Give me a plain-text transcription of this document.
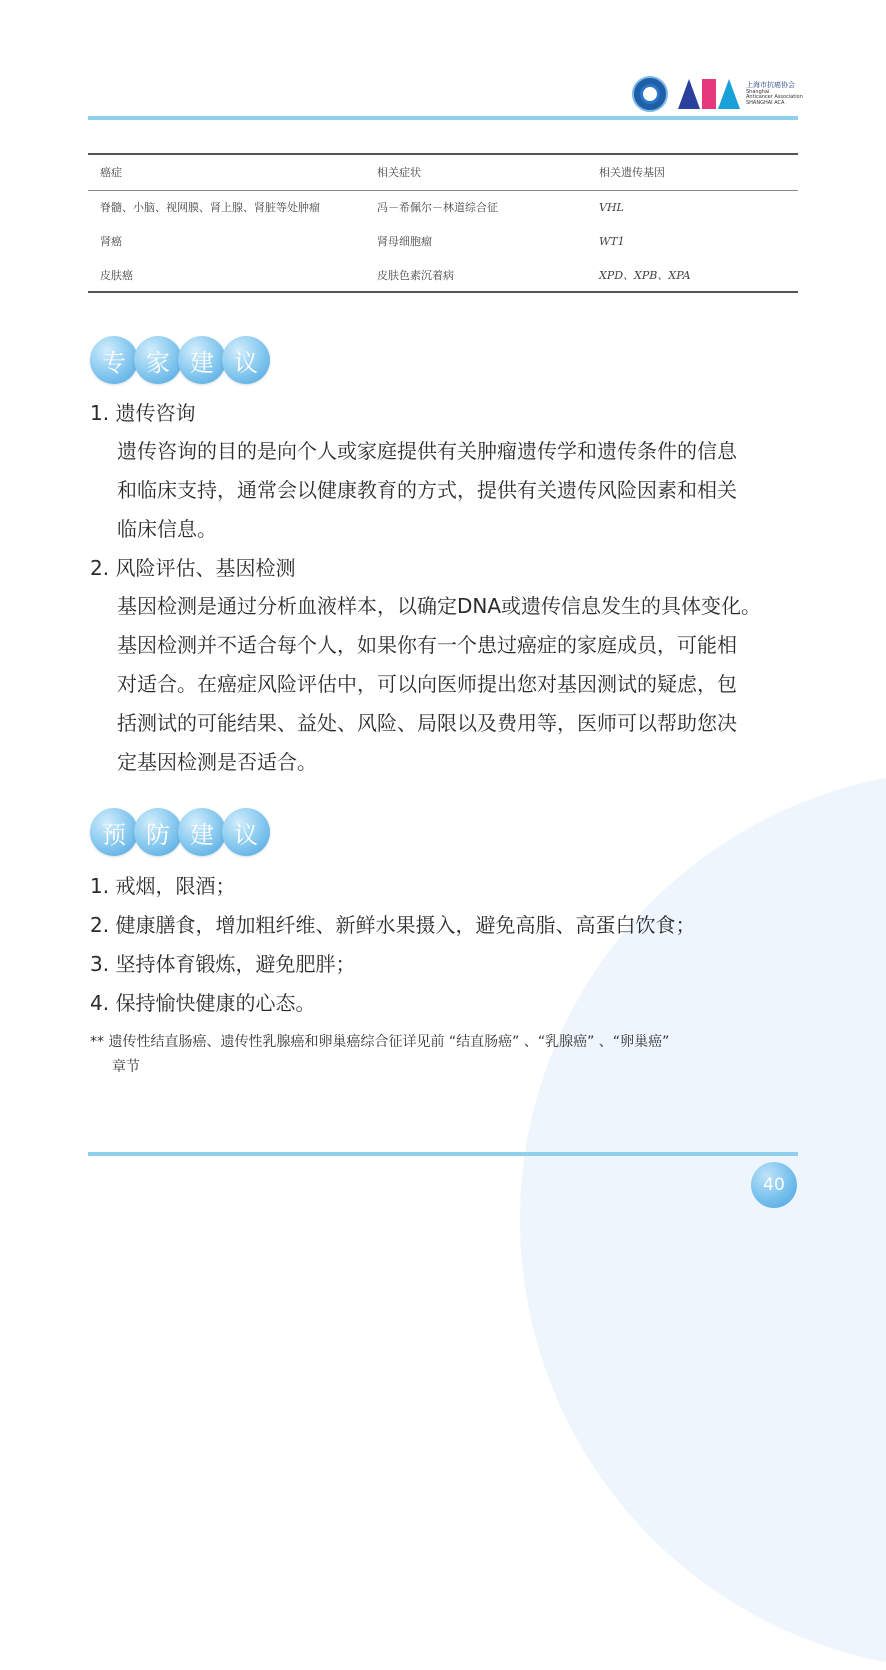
上海市抗癌协会
Shanghai
Anticancer Association
SHANGHAI ACA
癌症	相关症状	相关遗传基因
脊髓、小脑、视网膜、肾上腺、肾脏等处肿瘤	冯－希佩尔－林道综合征	VHL
肾癌	肾母细胞瘤	WT1
皮肤癌	皮肤色素沉着病	XPD、XPB、XPA
专 家 建 议

1. 遗传咨询

遗传咨询的目的是向个人或家庭提供有关肿瘤遗传学和遗传条件的信息

和临床支持，通常会以健康教育的方式，提供有关遗传风险因素和相关

临床信息。

2. 风险评估、基因检测

基因检测是通过分析血液样本，以确定DNA或遗传信息发生的具体变化。

基因检测并不适合每个人，如果你有一个患过癌症的家庭成员，可能相

对适合。在癌症风险评估中，可以向医师提出您对基因测试的疑虑，包

括测试的可能结果、益处、风险、局限以及费用等，医师可以帮助您决

定基因检测是否适合。

预 防 建 议

1. 戒烟，限酒；

2. 健康膳食，增加粗纤维、新鲜水果摄入，避免高脂、高蛋白饮食；

3. 坚持体育锻炼，避免肥胖；

4. 保持愉快健康的心态。

** 遗传性结直肠癌、遗传性乳腺癌和卵巢癌综合征详见前 “结直肠癌” 、“乳腺癌” 、“卵巢癌”

章节

40
